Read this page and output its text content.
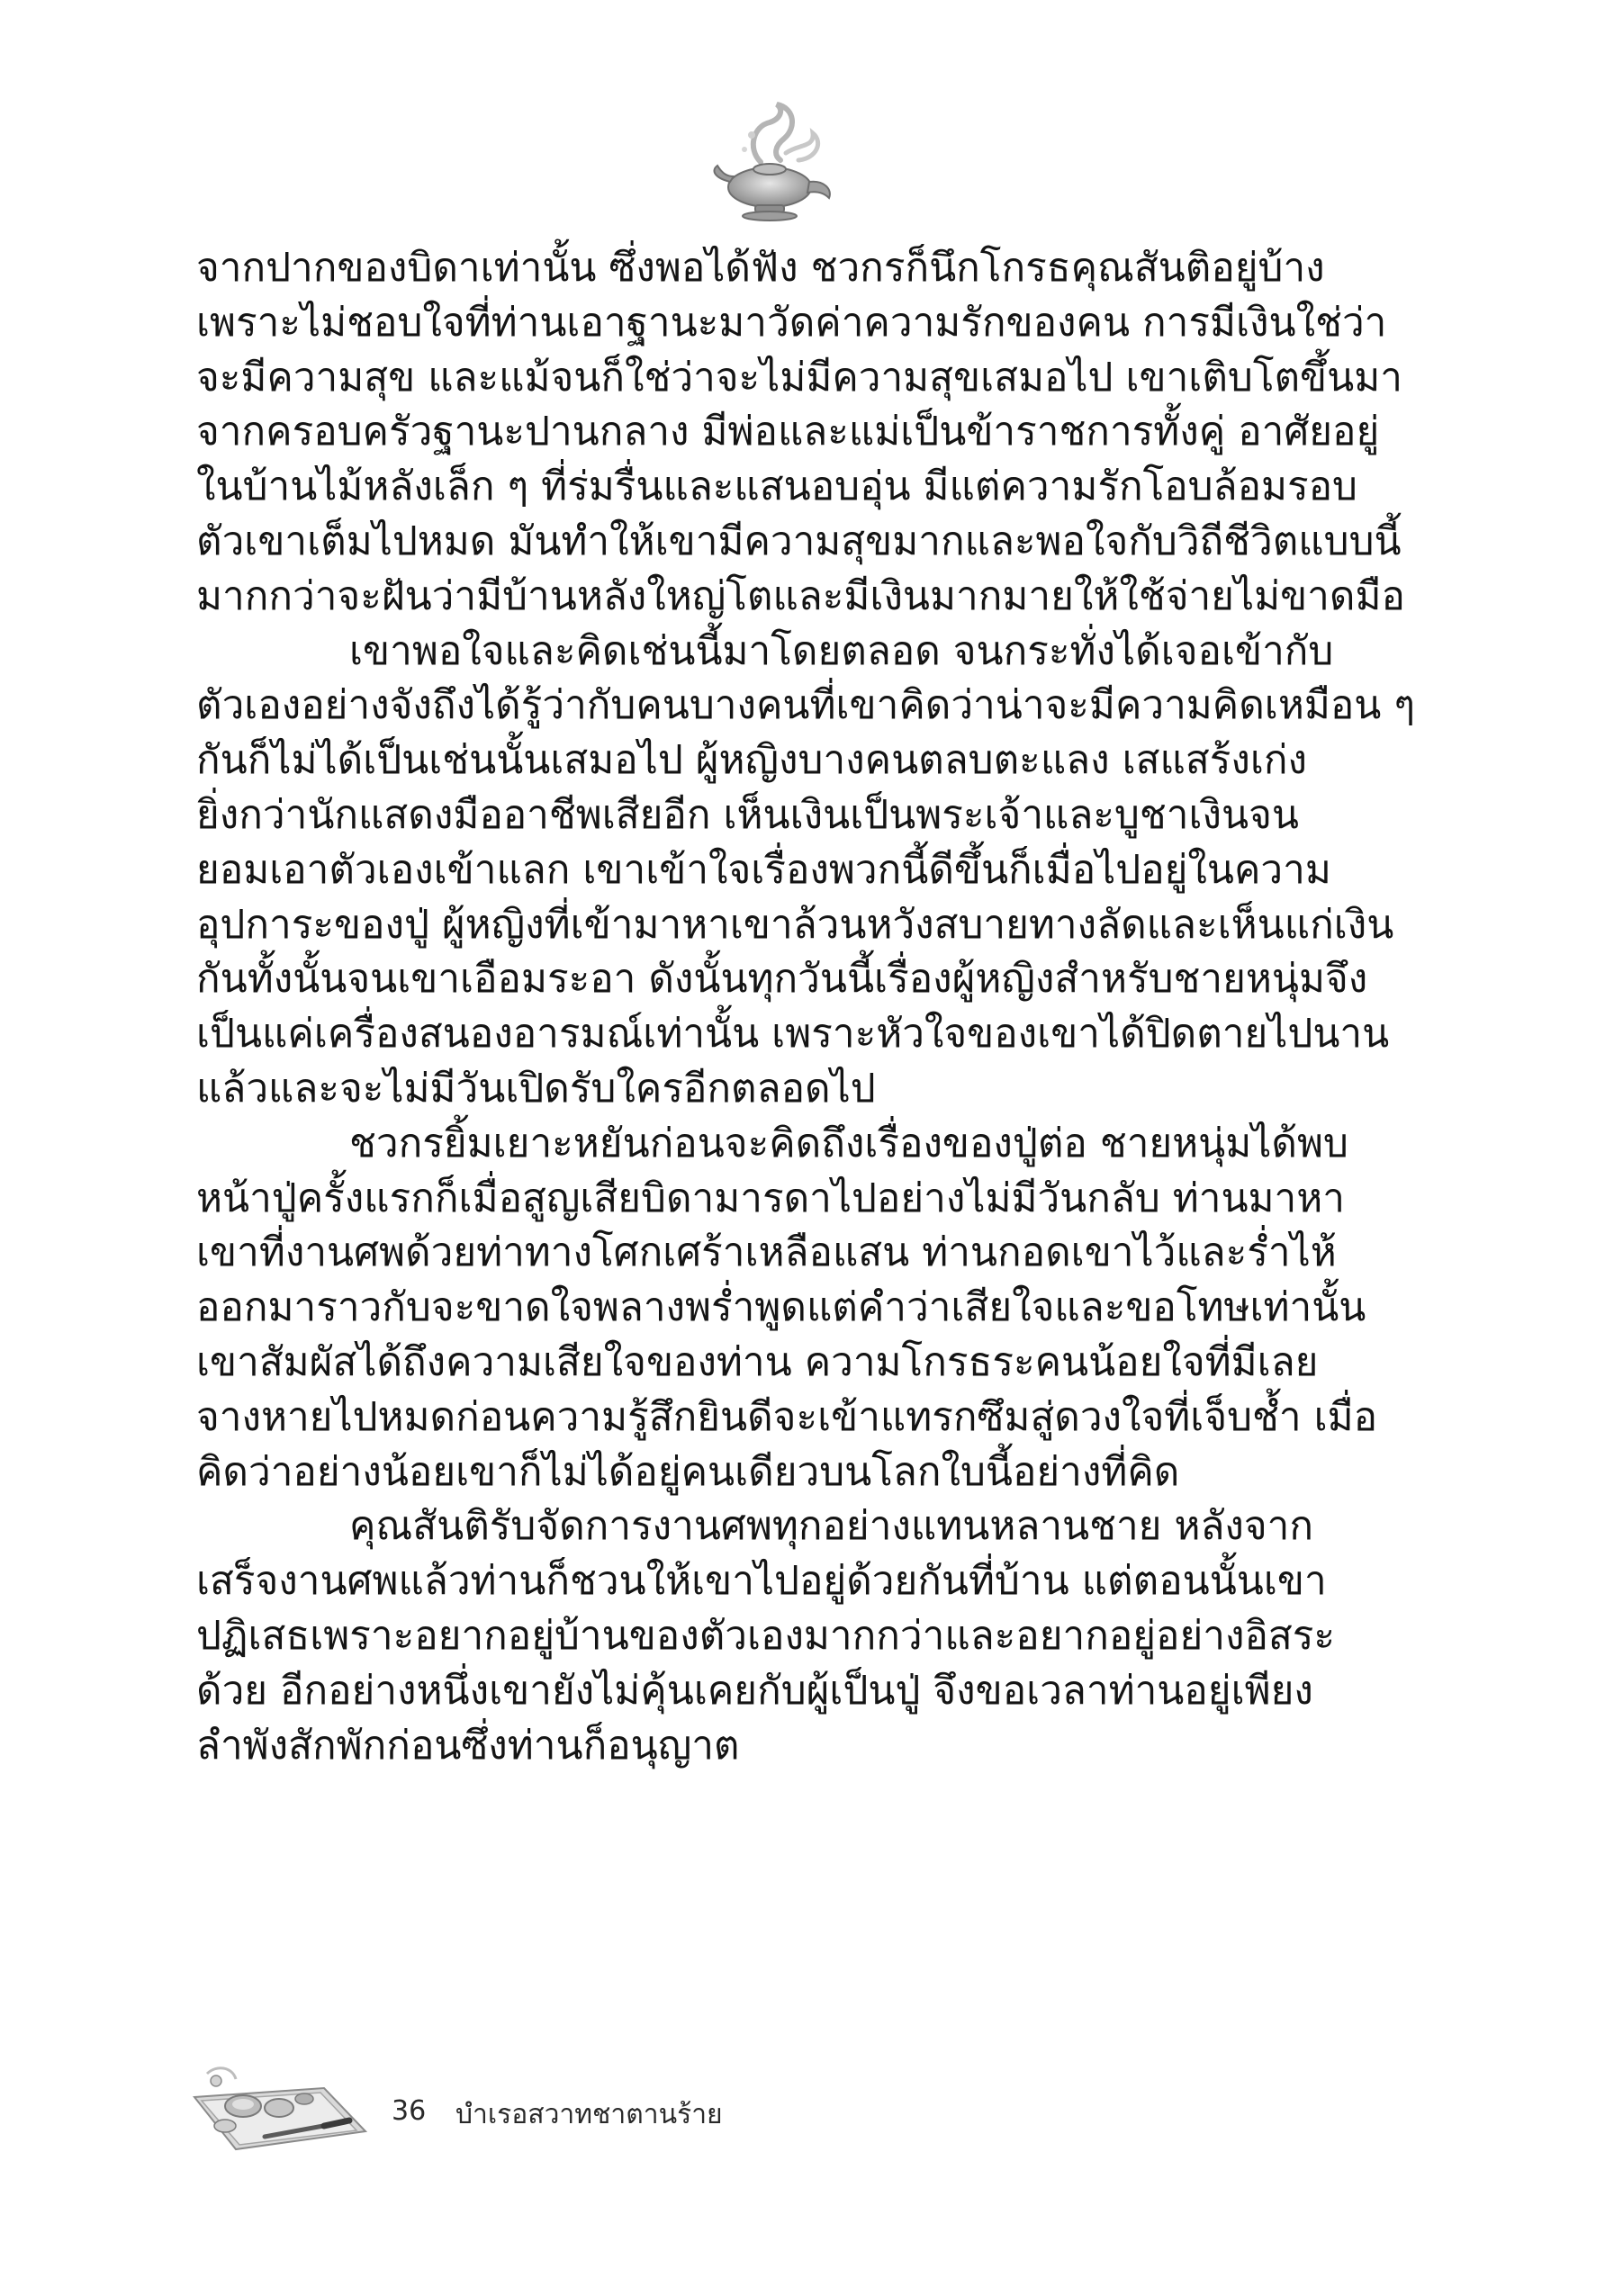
จากปากของบิดาเท่านั้น ซึ่งพอได้ฟัง ชวกรก็นึกโกรธคุณสันติอยู่บ้าง
เพราะไม่ชอบใจที่ท่านเอาฐานะมาวัดค่าความรักของคน การมีเงินใช่ว่า
จะมีความสุข และแม้จนก็ใช่ว่าจะไม่มีความสุขเสมอไป เขาเติบโตขึ้นมา
จากครอบครัวฐานะปานกลาง มีพ่อและแม่เป็นข้าราชการทั้งคู่ อาศัยอยู่
ในบ้านไม้หลังเล็ก ๆ ที่ร่มรื่นและแสนอบอุ่น มีแต่ความรักโอบล้อมรอบ
ตัวเขาเต็มไปหมด มันทำให้เขามีความสุขมากและพอใจกับวิถีชีวิตแบบนี้
มากกว่าจะฝันว่ามีบ้านหลังใหญ่โตและมีเงินมากมายให้ใช้จ่ายไม่ขาดมือ
เขาพอใจและคิดเช่นนี้มาโดยตลอด จนกระทั่งได้เจอเข้ากับ
ตัวเองอย่างจังถึงได้รู้ว่ากับคนบางคนที่เขาคิดว่าน่าจะมีความคิดเหมือน ๆ
กันก็ไม่ได้เป็นเช่นนั้นเสมอไป ผู้หญิงบางคนตลบตะแลง เสแสร้งเก่ง
ยิ่งกว่านักแสดงมืออาชีพเสียอีก เห็นเงินเป็นพระเจ้าและบูชาเงินจน
ยอมเอาตัวเองเข้าแลก เขาเข้าใจเรื่องพวกนี้ดีขึ้นก็เมื่อไปอยู่ในความ
อุปการะของปู่ ผู้หญิงที่เข้ามาหาเขาล้วนหวังสบายทางลัดและเห็นแก่เงิน
กันทั้งนั้นจนเขาเอือมระอา ดังนั้นทุกวันนี้เรื่องผู้หญิงสำหรับชายหนุ่มจึง
เป็นแค่เครื่องสนองอารมณ์เท่านั้น เพราะหัวใจของเขาได้ปิดตายไปนาน
แล้วและจะไม่มีวันเปิดรับใครอีกตลอดไป
ชวกรยิ้มเยาะหยันก่อนจะคิดถึงเรื่องของปู่ต่อ ชายหนุ่มได้พบ
หน้าปู่ครั้งแรกก็เมื่อสูญเสียบิดามารดาไปอย่างไม่มีวันกลับ ท่านมาหา
เขาที่งานศพด้วยท่าทางโศกเศร้าเหลือแสน ท่านกอดเขาไว้และร่ำไห้
ออกมาราวกับจะขาดใจพลางพร่ำพูดแต่คำว่าเสียใจและขอโทษเท่านั้น
เขาสัมผัสได้ถึงความเสียใจของท่าน ความโกรธระคนน้อยใจที่มีเลย
จางหายไปหมดก่อนความรู้สึกยินดีจะเข้าแทรกซึมสู่ดวงใจที่เจ็บช้ำ เมื่อ
คิดว่าอย่างน้อยเขาก็ไม่ได้อยู่คนเดียวบนโลกใบนี้อย่างที่คิด
คุณสันติรับจัดการงานศพทุกอย่างแทนหลานชาย หลังจาก
เสร็จงานศพแล้วท่านก็ชวนให้เขาไปอยู่ด้วยกันที่บ้าน แต่ตอนนั้นเขา
ปฏิเสธเพราะอยากอยู่บ้านของตัวเองมากกว่าและอยากอยู่อย่างอิสระ
ด้วย อีกอย่างหนึ่งเขายังไม่คุ้นเคยกับผู้เป็นปู่ จึงขอเวลาท่านอยู่เพียง
ลำพังสักพักก่อนซึ่งท่านก็อนุญาต
36 บำเรอสวาทชาตานร้าย
